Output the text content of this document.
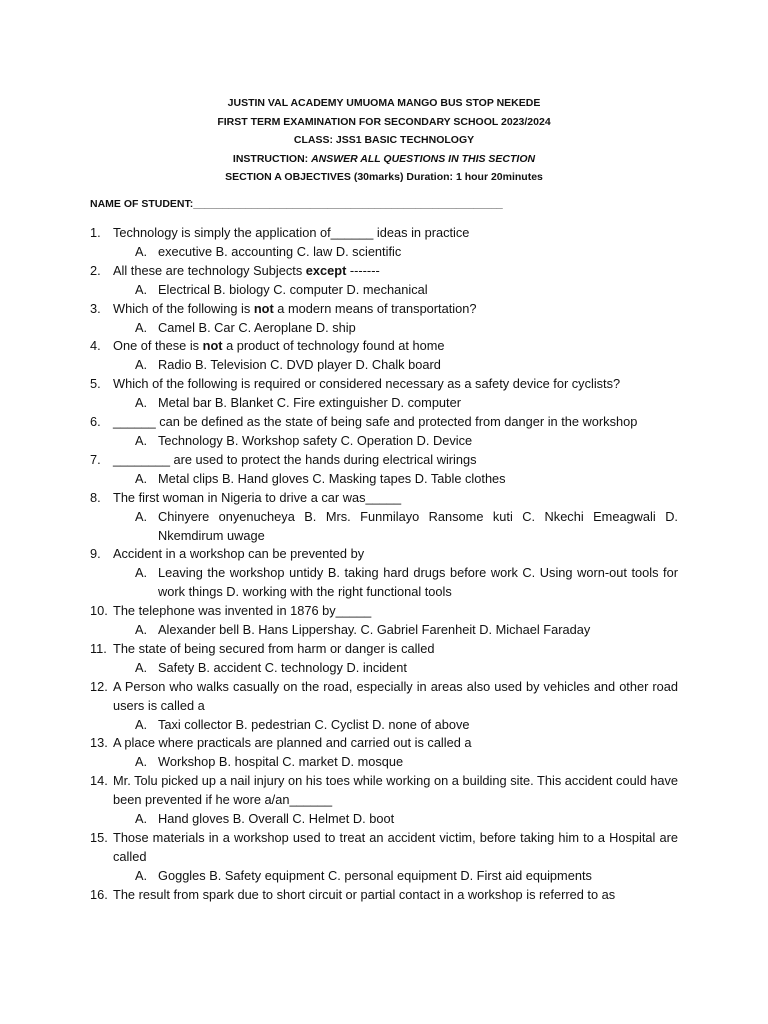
JUSTIN VAL ACADEMY UMUOMA MANGO BUS STOP NEKEDE
FIRST TERM EXAMINATION FOR SECONDARY SCHOOL 2023/2024
CLASS: JSS1 BASIC TECHNOLOGY
INSTRUCTION: ANSWER ALL QUESTIONS IN THIS SECTION
SECTION A OBJECTIVES (30marks) Duration: 1 hour 20minutes
NAME OF STUDENT:_____________________________________________________
1. Technology is simply the application of______ ideas in practice
A. executive B. accounting C. law D. scientific
2. All these are technology Subjects except -------
A. Electrical B. biology C. computer D. mechanical
3. Which of the following is not a modern means of transportation?
A. Camel B. Car C. Aeroplane D. ship
4. One of these is not a product of technology found at home
A. Radio B. Television C. DVD player D. Chalk board
5. Which of the following is required or considered necessary as a safety device for cyclists?
A. Metal bar B. Blanket C. Fire extinguisher D. computer
6. ______ can be defined as the state of being safe and protected from danger in the workshop
A. Technology B. Workshop safety C. Operation D. Device
7. ________ are used to protect the hands during electrical wirings
A. Metal clips B. Hand gloves C. Masking tapes D. Table clothes
8. The first woman in Nigeria to drive a car was_____
A. Chinyere onyenucheya B. Mrs. Funmilayo Ransome kuti C. Nkechi Emeagwali D. Nkemdirum uwage
9. Accident in a workshop can be prevented by
A. Leaving the workshop untidy B. taking hard drugs before work C. Using worn-out tools for work things D. working with the right functional tools
10. The telephone was invented in 1876 by_____
A. Alexander bell B. Hans Lippershay. C. Gabriel Farenheit D. Michael Faraday
11. The state of being secured from harm or danger is called
A. Safety B. accident C. technology D. incident
12. A Person who walks casually on the road, especially in areas also used by vehicles and other road users is called a
A. Taxi collector B. pedestrian C. Cyclist D. none of above
13. A place where practicals are planned and carried out is called a
A. Workshop B. hospital C. market D. mosque
14. Mr. Tolu picked up a nail injury on his toes while working on a building site. This accident could have been prevented if he wore a/an______
A. Hand gloves B. Overall C. Helmet D. boot
15. Those materials in a workshop used to treat an accident victim, before taking him to a Hospital are called
A. Goggles B. Safety equipment C. personal equipment D. First aid equipments
16. The result from spark due to short circuit or partial contact in a workshop is referred to as
